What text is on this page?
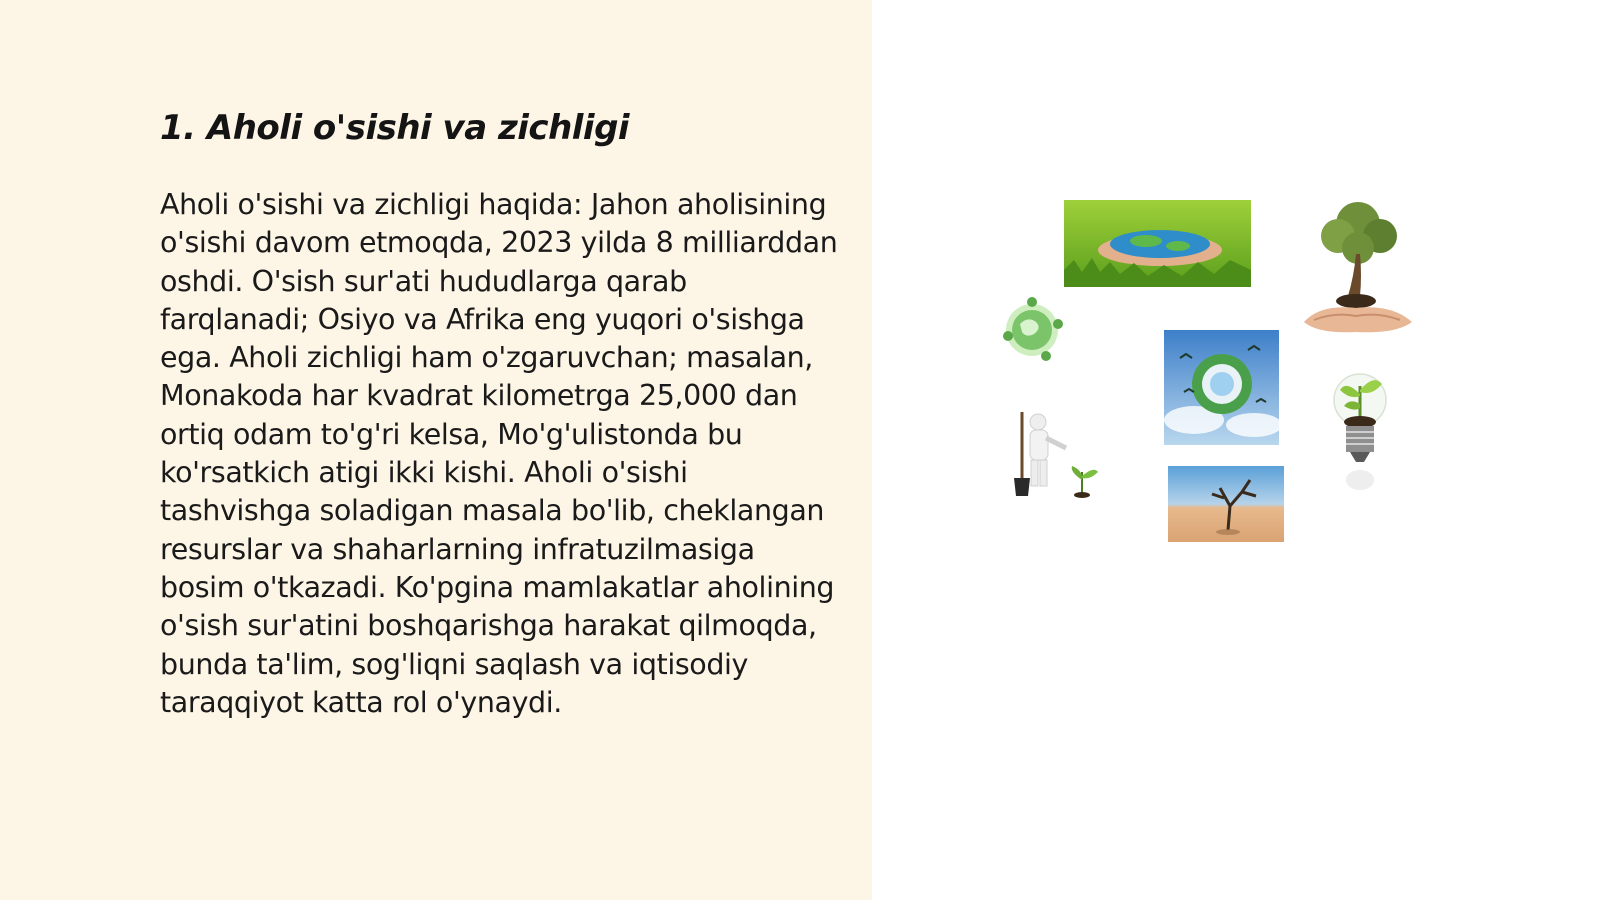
1. Aholi o'sishi va zichligi

Aholi o'sishi va zichligi haqida: Jahon aholisining o'sishi davom etmoqda, 2023 yilda 8 milliarddan oshdi. O'sish sur'ati hududlarga qarab farqlanadi; Osiyo va Afrika eng yuqori o'sishga ega. Aholi zichligi ham o'zgaruvchan; masalan, Monakoda har kvadrat kilometrga 25,000 dan ortiq odam to'g'ri kelsa, Mo'g'ulistonda bu ko'rsatkich atigi ikki kishi. Aholi o'sishi tashvishga soladigan masala bo'lib, cheklangan resurslar va shaharlarning infratuzilmasiga bosim o'tkazadi. Ko'pgina mamlakatlar aholining o'sish sur'atini boshqarishga harakat qilmoqda, bunda ta'lim, sog'liqni saqlash va iqtisodiy taraqqiyot katta rol o'ynaydi.
